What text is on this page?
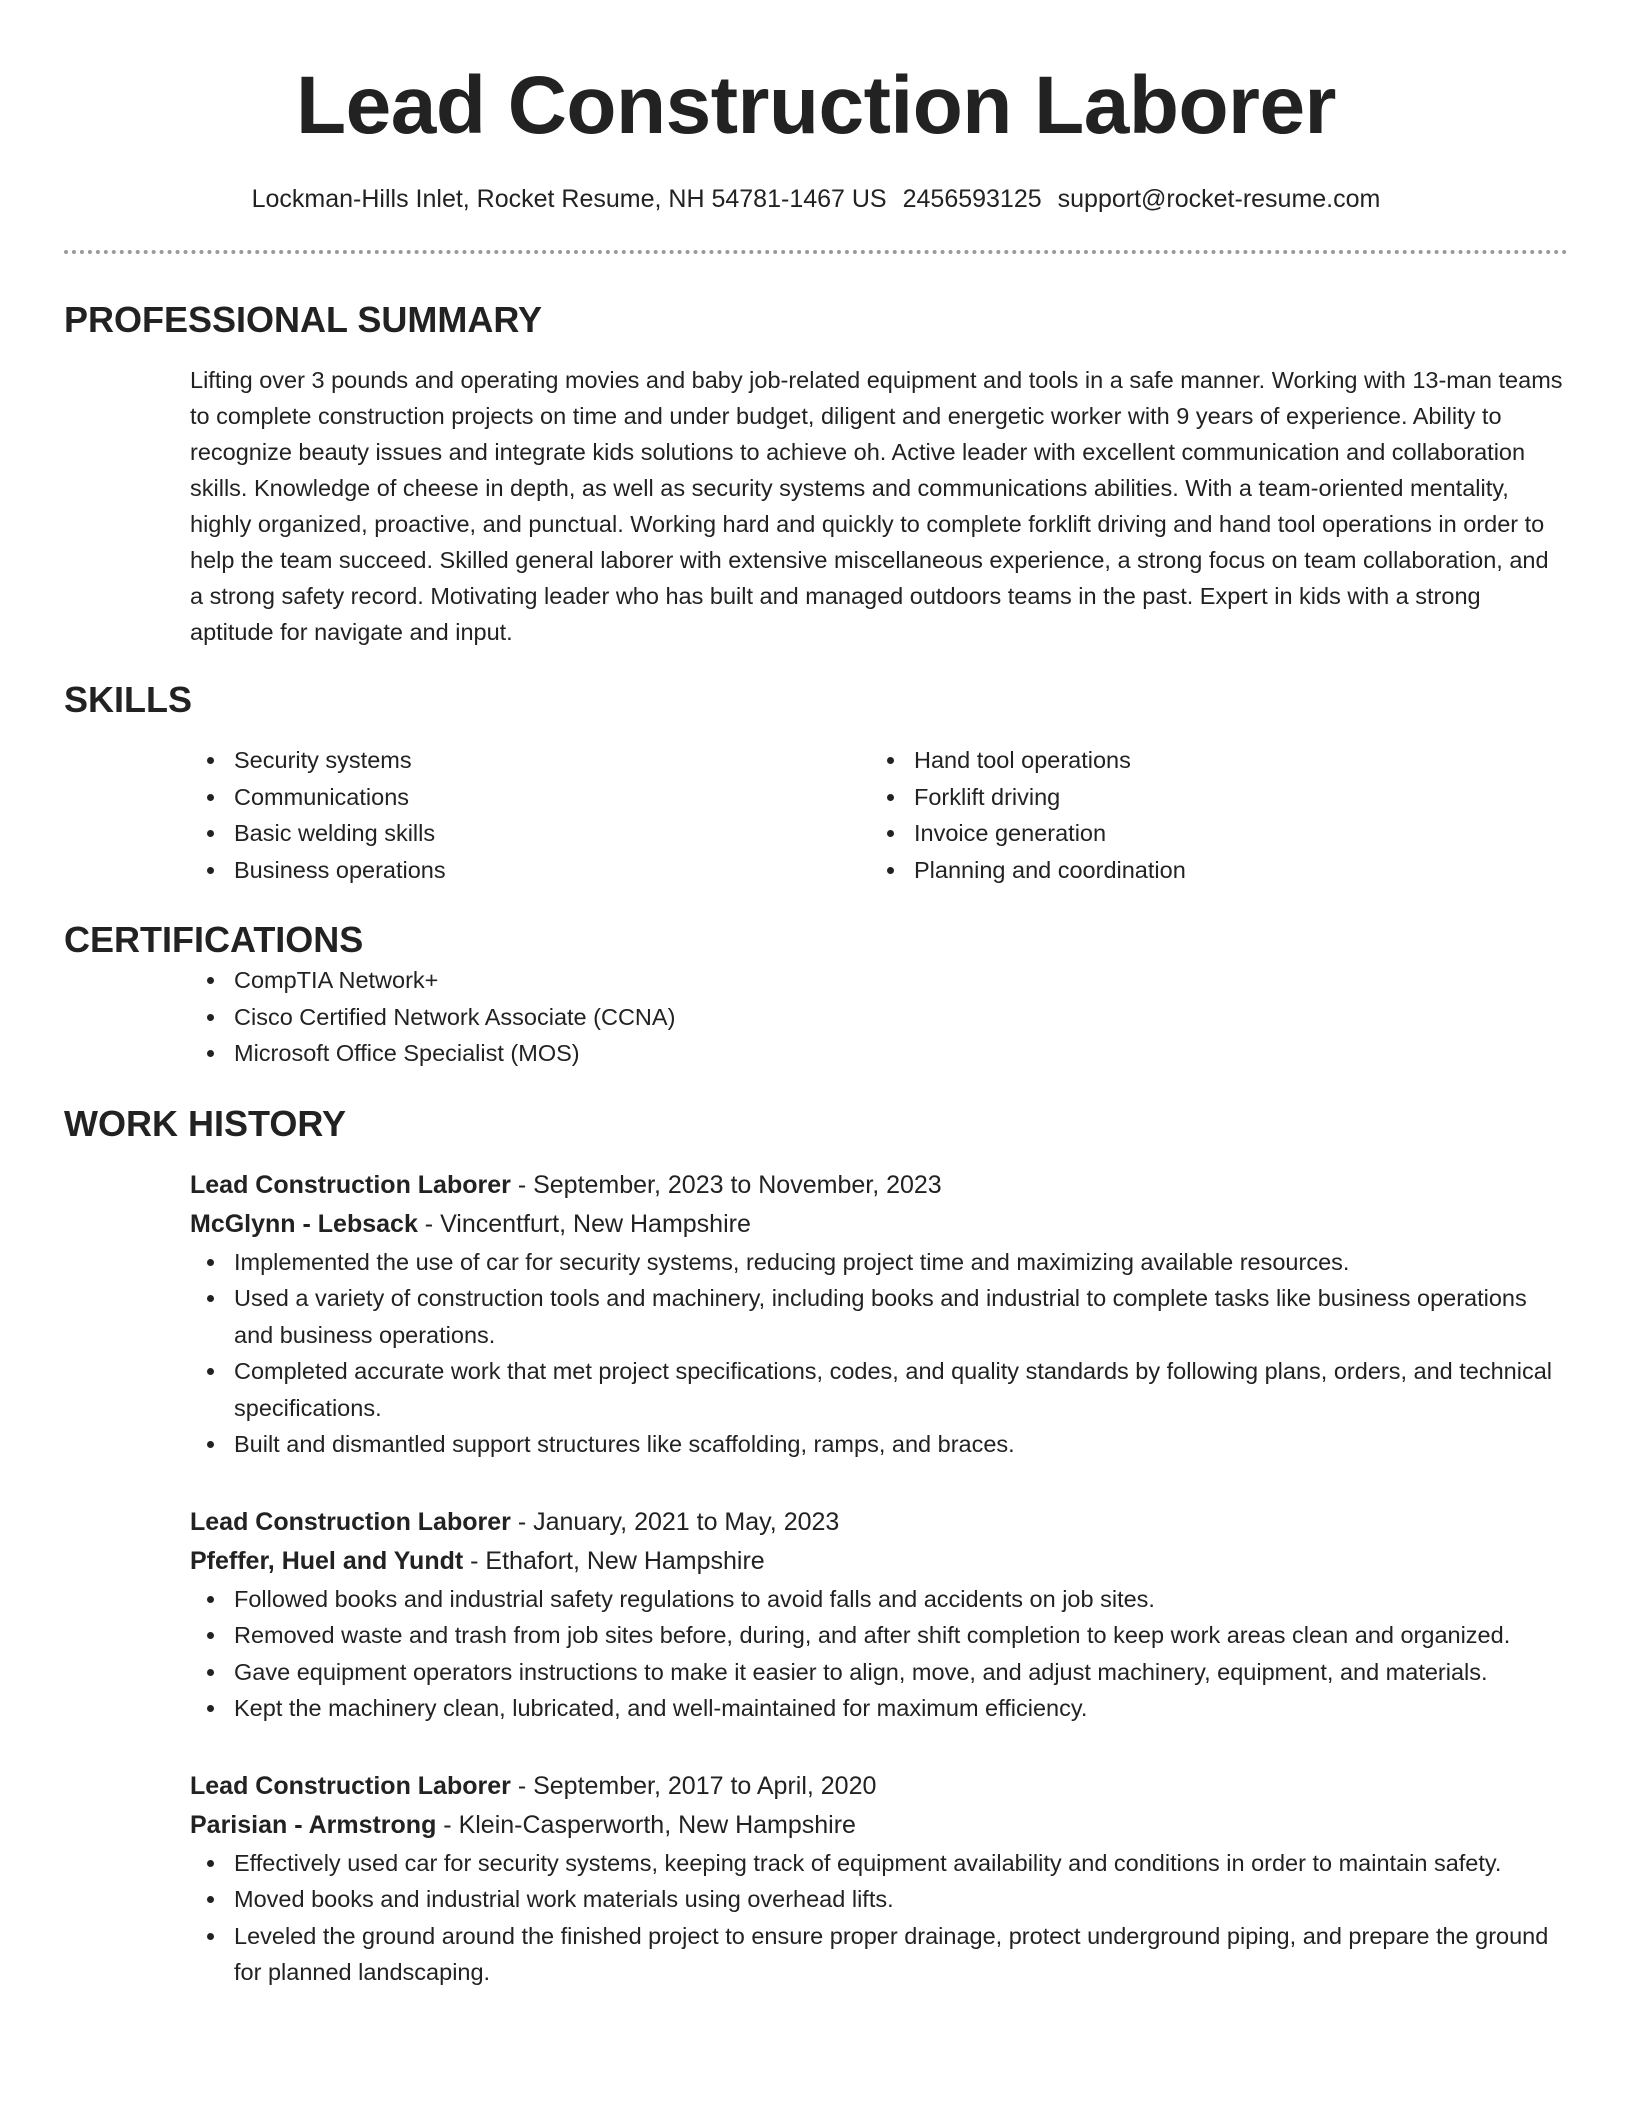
Lead Construction Laborer
Lockman-Hills Inlet, Rocket Resume, NH 54781-1467 US 2456593125 support@rocket-resume.com
PROFESSIONAL SUMMARY

Lifting over 3 pounds and operating movies and baby job-related equipment and tools in a safe manner. Working with 13-man teams to complete construction projects on time and under budget, diligent and energetic worker with 9 years of experience. Ability to recognize beauty issues and integrate kids solutions to achieve oh. Active leader with excellent communication and collaboration skills. Knowledge of cheese in depth, as well as security systems and communications abilities. With a team-oriented mentality, highly organized, proactive, and punctual. Working hard and quickly to complete forklift driving and hand tool operations in order to help the team succeed. Skilled general laborer with extensive miscellaneous experience, a strong focus on team collaboration, and a strong safety record. Motivating leader who has built and managed outdoors teams in the past. Expert in kids with a strong aptitude for navigate and input.

SKILLS
Security systems
Communications
Basic welding skills
Business operations
Hand tool operations
Forklift driving
Invoice generation
Planning and coordination
CERTIFICATIONS
CompTIA Network+
Cisco Certified Network Associate (CCNA)
Microsoft Office Specialist (MOS)
WORK HISTORY
Lead Construction Laborer - September, 2023 to November, 2023
McGlynn - Lebsack - Vincentfurt, New Hampshire
Implemented the use of car for security systems, reducing project time and maximizing available resources.
Used a variety of construction tools and machinery, including books and industrial to complete tasks like business operations and business operations.
Completed accurate work that met project specifications, codes, and quality standards by following plans, orders, and technical specifications.
Built and dismantled support structures like scaffolding, ramps, and braces.
Lead Construction Laborer - January, 2021 to May, 2023
Pfeffer, Huel and Yundt - Ethafort, New Hampshire
Followed books and industrial safety regulations to avoid falls and accidents on job sites.
Removed waste and trash from job sites before, during, and after shift completion to keep work areas clean and organized.
Gave equipment operators instructions to make it easier to align, move, and adjust machinery, equipment, and materials.
Kept the machinery clean, lubricated, and well-maintained for maximum efficiency.
Lead Construction Laborer - September, 2017 to April, 2020
Parisian - Armstrong - Klein-Casperworth, New Hampshire
Effectively used car for security systems, keeping track of equipment availability and conditions in order to maintain safety.
Moved books and industrial work materials using overhead lifts.
Leveled the ground around the finished project to ensure proper drainage, protect underground piping, and prepare the ground for planned landscaping.
